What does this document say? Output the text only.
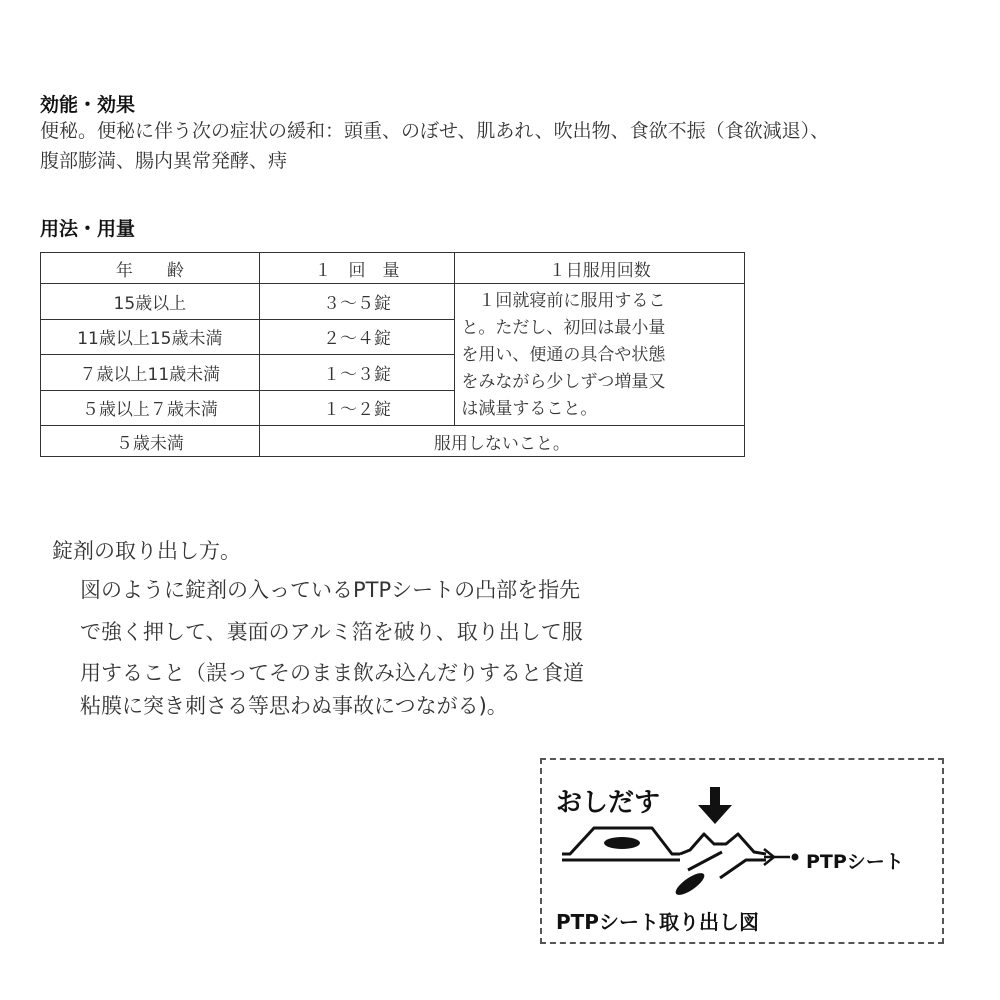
効能・効果
便秘。便秘に伴う次の症状の緩和：頭重、のぼせ、肌あれ、吹出物、食欲不振（食欲減退）、
腹部膨満、腸内異常発酵、痔
用法・用量
年　　齢	１　回　量	１日服用回数
15歳以上	３～５錠	　１回就寝前に服用するこ
と。ただし、初回は最小量
を用い、便通の具合や状態
をみながら少しずつ増量又
は減量すること。
11歳以上15歳未満	２～４錠	
７歳以上11歳未満	１～３錠	
５歳以上７歳未満	１～２錠	
５歳未満	服用しないこと。	
錠剤の取り出し方。
図のように錠剤の入っているPTPシートの凸部を指先
で強く押して、裏面のアルミ箔を破り、取り出して服
用すること（誤ってそのまま飲み込んだりすると食道
粘膜に突き刺さる等思わぬ事故につながる)。
おしだす
PTPシート
PTPシート取り出し図
